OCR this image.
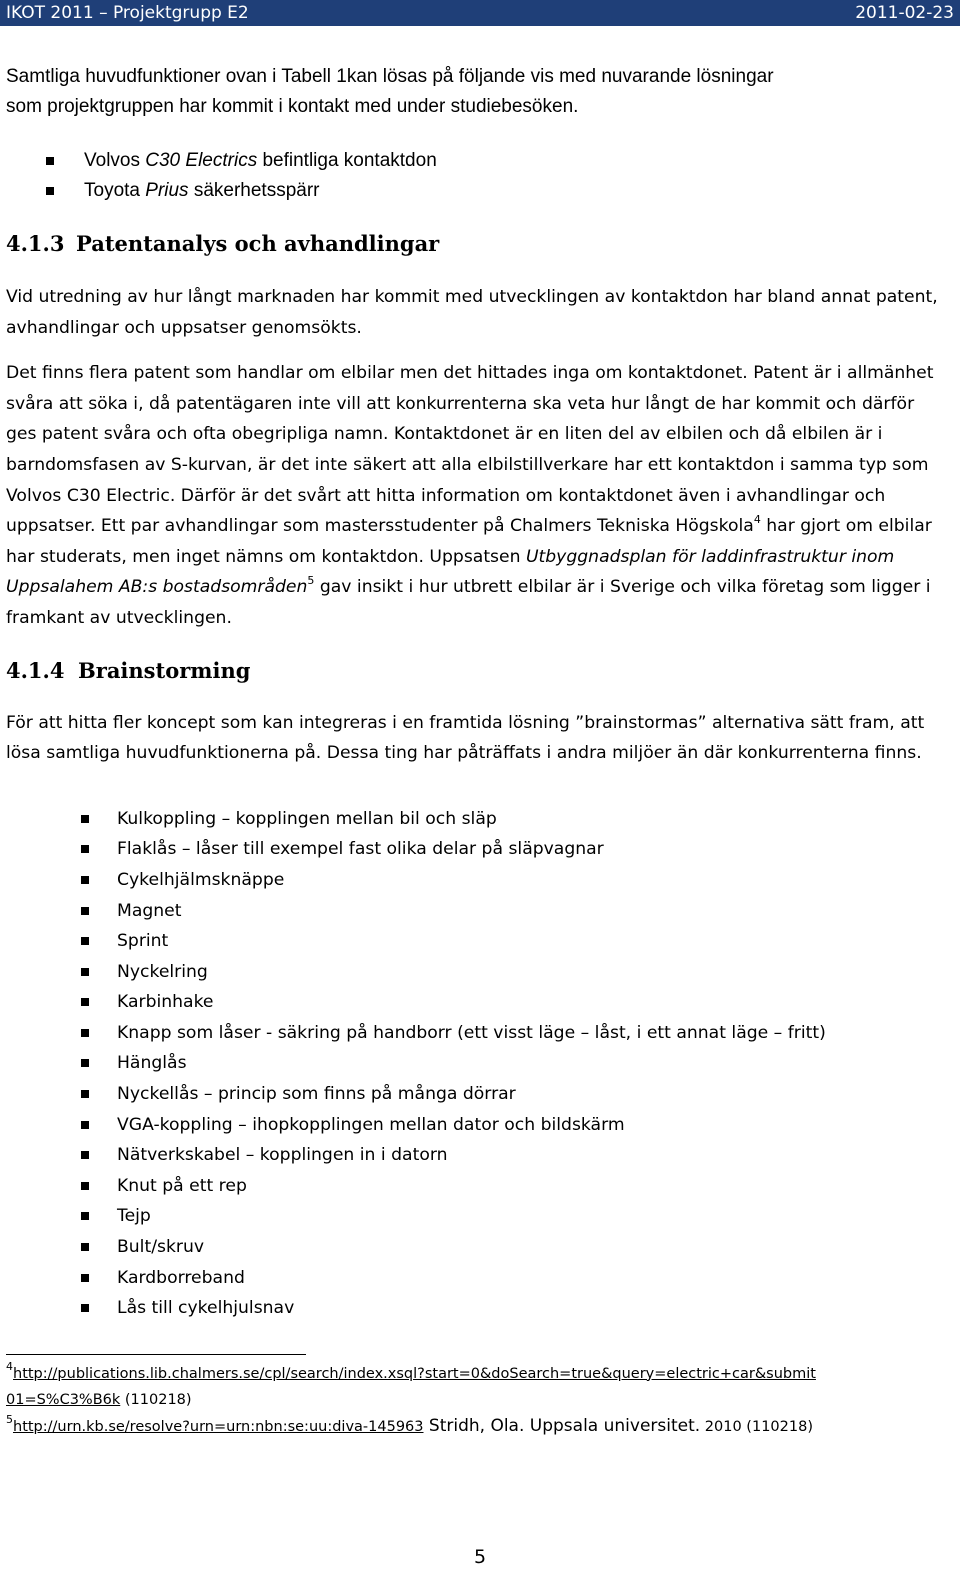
IKOT 2011 – Projektgrupp E2	2011-02-23

Samtliga huvudfunktioner ovan i Tabell 1kan lösas på följande vis med nuvarande lösningar

som projektgruppen har kommit i kontakt med under studiebesöken.

Volvos C30 Electrics befintliga kontaktdon
Toyota Prius säkerhetsspärr
4.1.3 Patentanalys och avhandlingar

Vid utredning av hur långt marknaden har kommit med utvecklingen av kontaktdon har bland annat patent, avhandlingar och uppsatser genomsökts.

Det finns flera patent som handlar om elbilar men det hittades inga om kontaktdonet. Patent är i allmänhet svåra att söka i, då patentägaren inte vill att konkurrenterna ska veta hur långt de har kommit och därför ges patent svåra och ofta obegripliga namn. Kontaktdonet är en liten del av elbilen och då elbilen är i barndomsfasen av S-kurvan, är det inte säkert att alla elbilstillverkare har ett kontaktdon i samma typ som Volvos C30 Electric. Därför är det svårt att hitta information om kontaktdonet även i avhandlingar och uppsatser. Ett par avhandlingar som mastersstudenter på Chalmers Tekniska Högskola$^4$ har gjort om elbilar har studerats, men inget nämns om kontaktdon. Uppsatsen Utbyggnadsplan för laddinfrastruktur inom Uppsalahem AB:s bostadsområden$^5$ gav insikt i hur utbrett elbilar är i Sverige och vilka företag som ligger i framkant av utvecklingen.

4.1.4 Brainstorming

För att hitta fler koncept som kan integreras i en framtida lösning ”brainstormas” alternativa sätt fram, att lösa samtliga huvudfunktionerna på. Dessa ting har påträffats i andra miljöer än där konkurrenterna finns.

Kulkoppling – kopplingen mellan bil och släp
Flaklås – låser till exempel fast olika delar på släpvagnar
Cykelhjälmsknäppe
Magnet
Sprint
Nyckelring
Karbinhake
Knapp som låser - säkring på handborr (ett visst läge – låst, i ett annat läge – fritt)
Hänglås
Nyckellås – princip som finns på många dörrar
VGA-koppling – ihopkopplingen mellan dator och bildskärm
Nätverkskabel – kopplingen in i datorn
Knut på ett rep
Tejp
Bult/skruv
Kardborreband
Lås till cykelhjulsnav
$^4$http://publications.lib.chalmers.se/cpl/search/index.xsql?start=0&doSearch=true&query=electric+car&submit
01=S%C3%B6k (110218)
$^5$http://urn.kb.se/resolve?urn=urn:nbn:se:uu:diva-145963 Stridh, Ola. Uppsala universitet. 2010 (110218)
5
